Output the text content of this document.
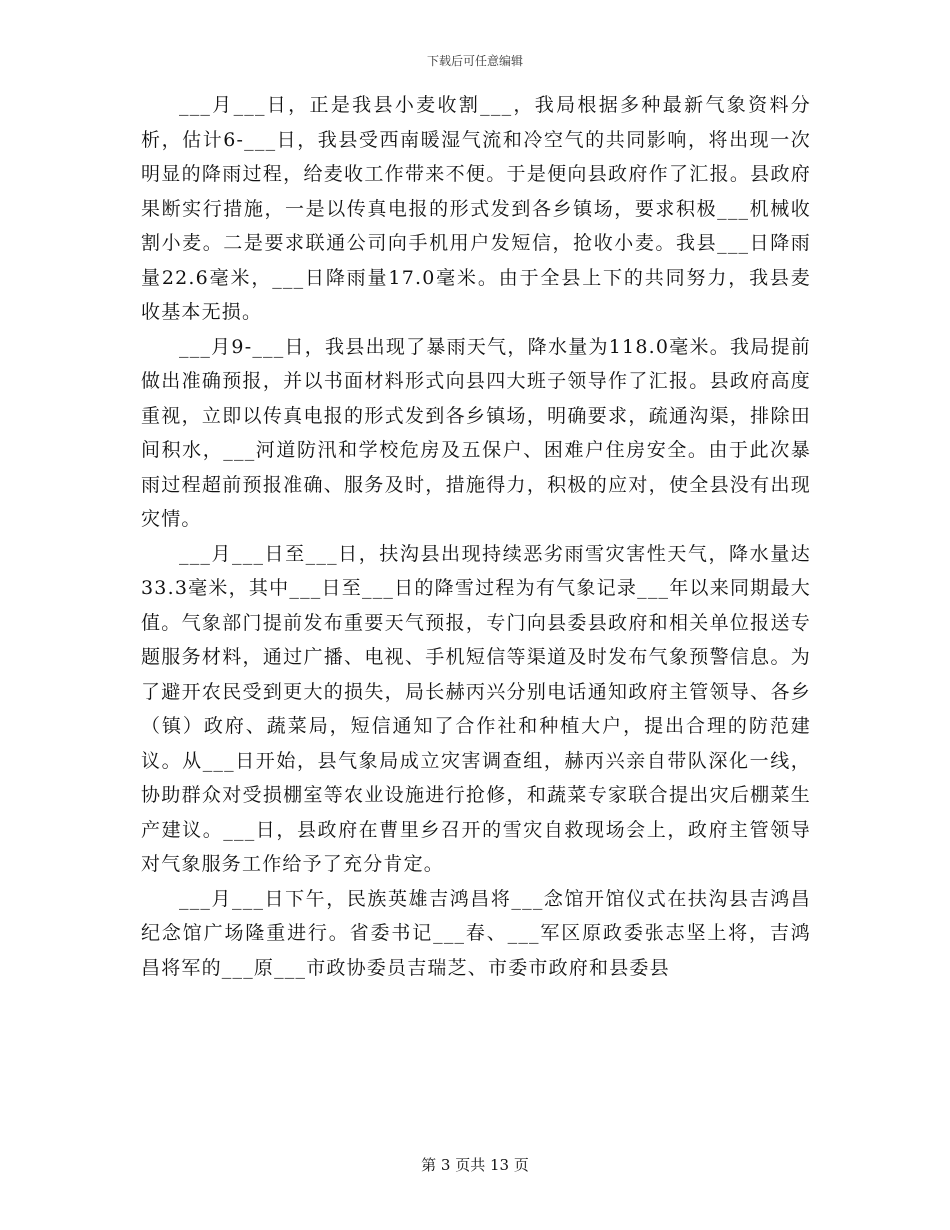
下载后可任意编辑

___月___日，正是我县小麦收割___，我局根据多种最新气象资料分析，估计6-___日，我县受西南暖湿气流和冷空气的共同影响，将出现一次明显的降雨过程，给麦收工作带来不便。于是便向县政府作了汇报。县政府果断实行措施，一是以传真电报的形式发到各乡镇场，要求积极___机械收割小麦。二是要求联通公司向手机用户发短信，抢收小麦。我县___日降雨量22.6毫米，___日降雨量17.0毫米。由于全县上下的共同努力，我县麦收基本无损。

___月9-___日，我县出现了暴雨天气，降水量为118.0毫米。我局提前做出准确预报，并以书面材料形式向县四大班子领导作了汇报。县政府高度重视，立即以传真电报的形式发到各乡镇场，明确要求，疏通沟渠，排除田间积水，___河道防汛和学校危房及五保户、困难户住房安全。由于此次暴雨过程超前预报准确、服务及时，措施得力，积极的应对，使全县没有出现灾情。

___月___日至___日，扶沟县出现持续恶劣雨雪灾害性天气，降水量达33.3毫米，其中___日至___日的降雪过程为有气象记录___年以来同期最大值。气象部门提前发布重要天气预报，专门向县委县政府和相关单位报送专题服务材料，通过广播、电视、手机短信等渠道及时发布气象预警信息。为了避开农民受到更大的损失，局长赫丙兴分别电话通知政府主管领导、各乡（镇）政府、蔬菜局，短信通知了合作社和种植大户，提出合理的防范建议。从___日开始，县气象局成立灾害调查组，赫丙兴亲自带队深化一线，协助群众对受损棚室等农业设施进行抢修，和蔬菜专家联合提出灾后棚菜生产建议。___日，县政府在曹里乡召开的雪灾自救现场会上，政府主管领导对气象服务工作给予了充分肯定。

___月___日下午，民族英雄吉鸿昌将___念馆开馆仪式在扶沟县吉鸿昌纪念馆广场隆重进行。省委书记___春、___军区原政委张志坚上将，吉鸿昌将军的___原___市政协委员吉瑞芝、市委市政府和县委县

第 3 页共 13 页
